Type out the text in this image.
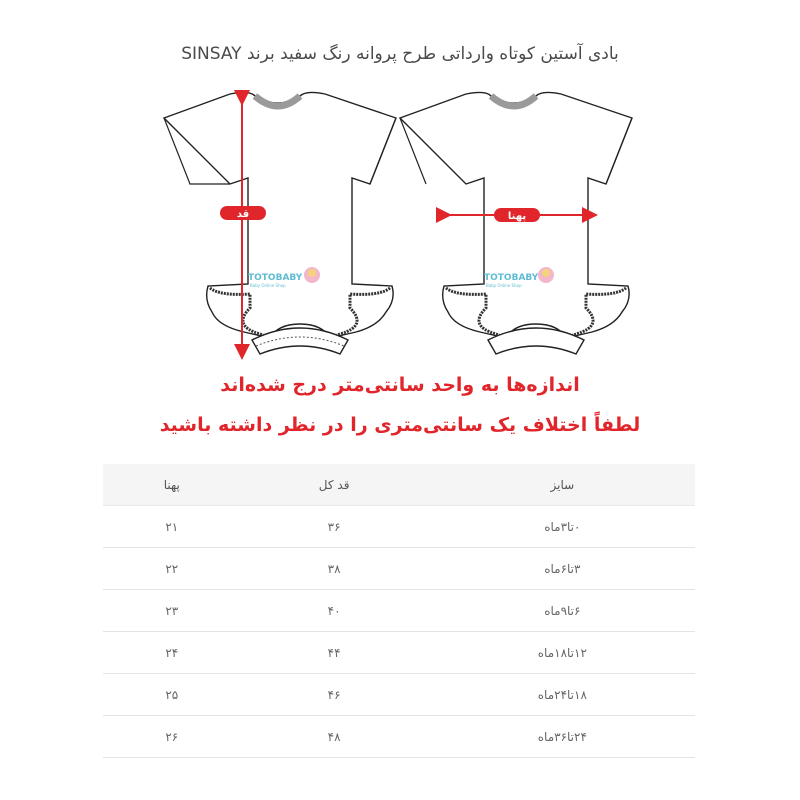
بادی آستین کوتاه وارداتی طرح پروانه رنگ سفید برند SINSAY
قد
TOTOBABY
Baby Online Shop
پهنا
TOTOBABY
Baby Online Shop
اندازه‌ها به واحد سانتی‌متر درج شده‌اند
لطفاً اختلاف یک سانتی‌متری را در نظر داشته باشید
پهنا	قد کل	سایز
۲۱	۳۶	۰تا۳ماه
۲۲	۳۸	۳تا۶ماه
۲۳	۴۰	۶تا۹ماه
۲۴	۴۴	۱۲تا۱۸ماه
۲۵	۴۶	۱۸تا۲۴ماه
۲۶	۴۸	۲۴تا۳۶ماه
